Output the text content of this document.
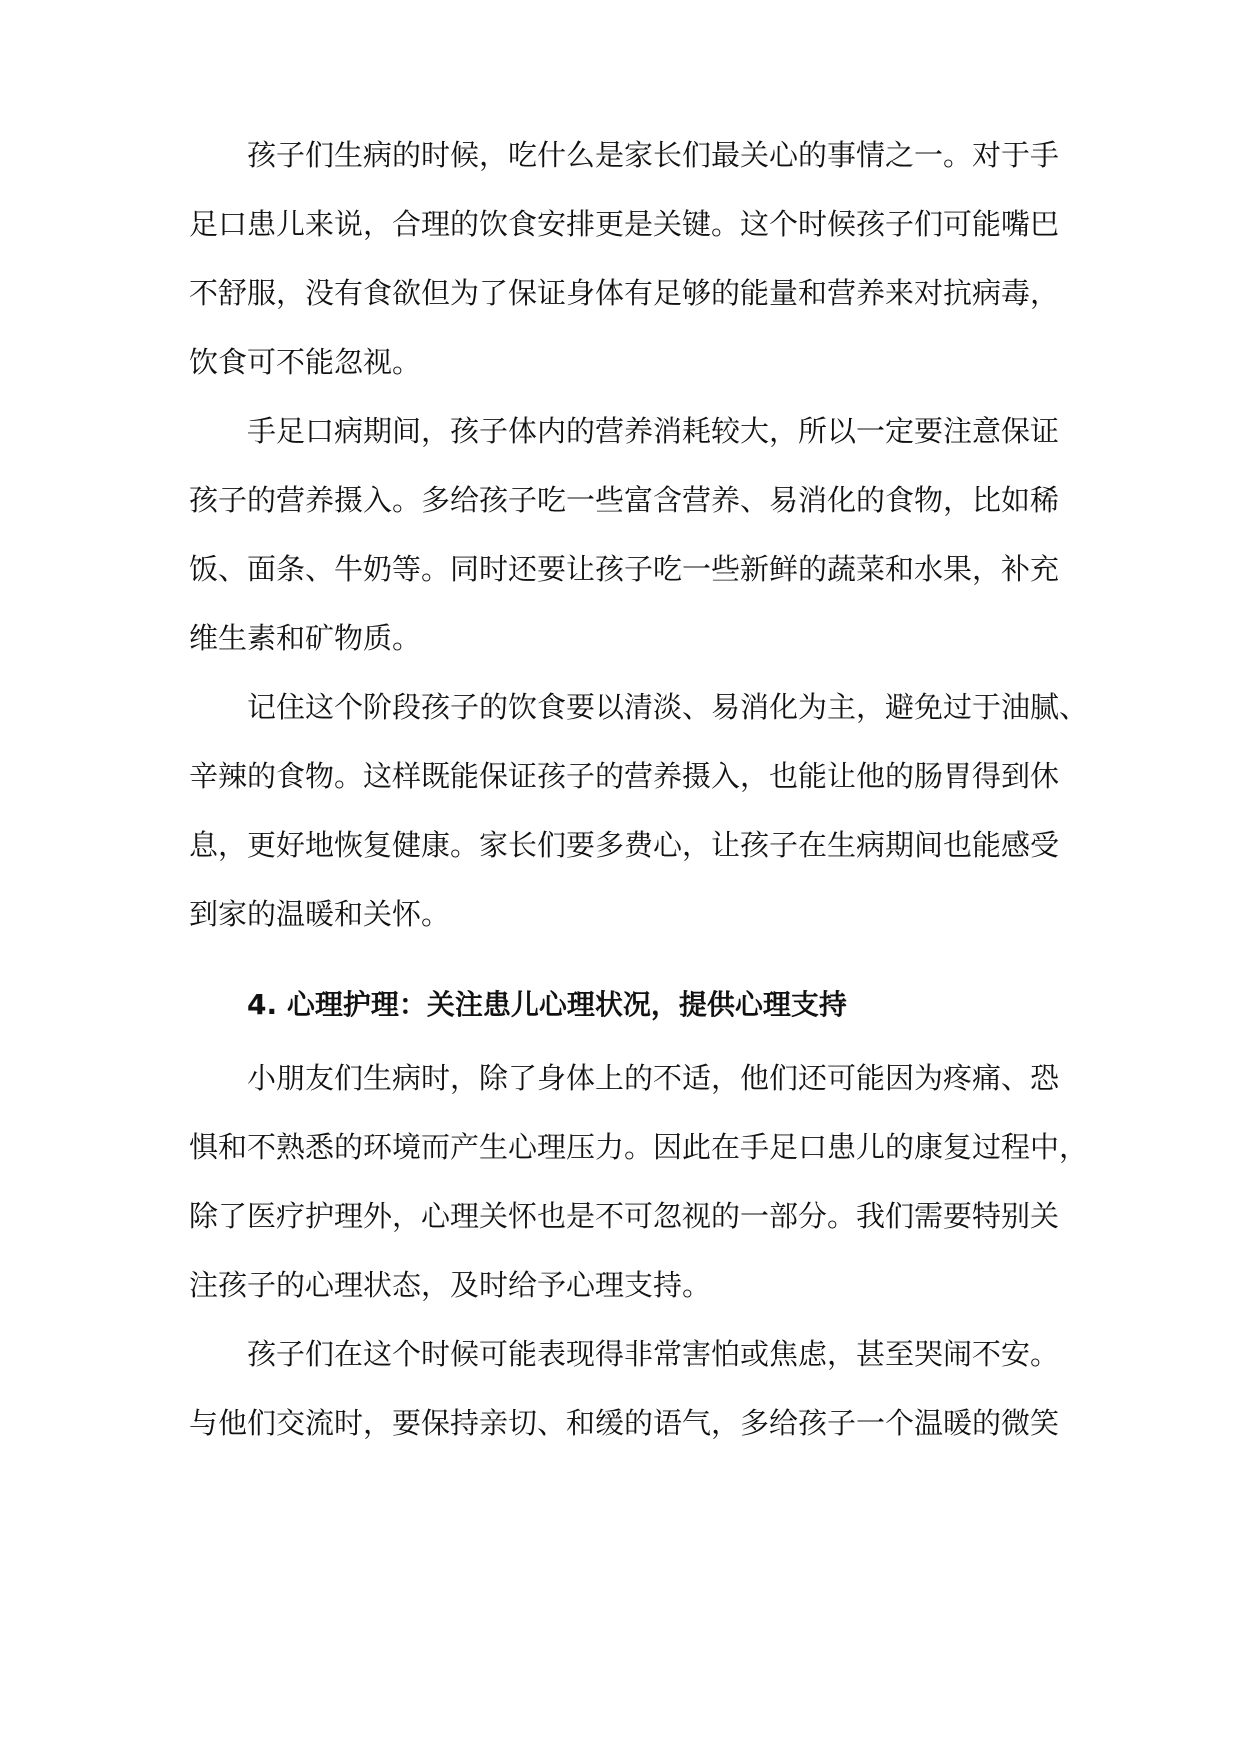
孩子们生病的时候，吃什么是家长们最关心的事情之一。对于手
足口患儿来说，合理的饮食安排更是关键。这个时候孩子们可能嘴巴
不舒服，没有食欲但为了保证身体有足够的能量和营养来对抗病毒，
饮食可不能忽视。
手足口病期间，孩子体内的营养消耗较大，所以一定要注意保证
孩子的营养摄入。多给孩子吃一些富含营养、易消化的食物，比如稀
饭、面条、牛奶等。同时还要让孩子吃一些新鲜的蔬菜和水果，补充
维生素和矿物质。
记住这个阶段孩子的饮食要以清淡、易消化为主，避免过于油腻、
辛辣的食物。这样既能保证孩子的营养摄入，也能让他的肠胃得到休
息，更好地恢复健康。家长们要多费心，让孩子在生病期间也能感受
到家的温暖和关怀。
4. 心理护理：关注患儿心理状况，提供心理支持
小朋友们生病时，除了身体上的不适，他们还可能因为疼痛、恐
惧和不熟悉的环境而产生心理压力。因此在手足口患儿的康复过程中，
除了医疗护理外，心理关怀也是不可忽视的一部分。我们需要特别关
注孩子的心理状态，及时给予心理支持。
孩子们在这个时候可能表现得非常害怕或焦虑，甚至哭闹不安。
与他们交流时，要保持亲切、和缓的语气，多给孩子一个温暖的微笑
